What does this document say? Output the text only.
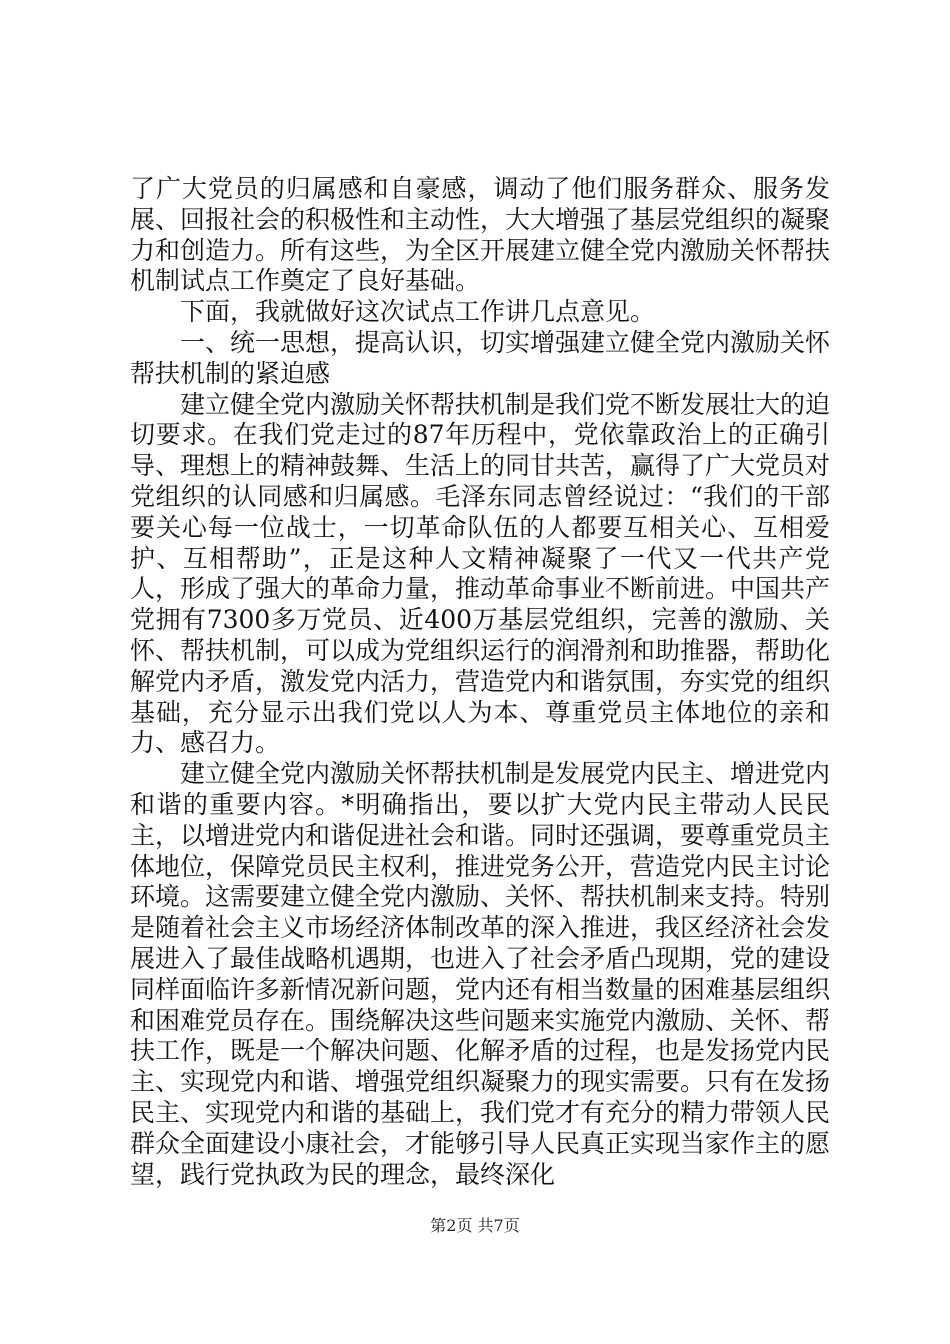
了广大党员的归属感和自豪感，调动了他们服务群众、服务发展、回报社会的积极性和主动性，大大增强了基层党组织的凝聚力和创造力。所有这些，为全区开展建立健全党内激励关怀帮扶机制试点工作奠定了良好基础。

下面，我就做好这次试点工作讲几点意见。

一、统一思想，提高认识，切实增强建立健全党内激励关怀帮扶机制的紧迫感

建立健全党内激励关怀帮扶机制是我们党不断发展壮大的迫切要求。在我们党走过的87年历程中，党依靠政治上的正确引导、理想上的精神鼓舞、生活上的同甘共苦，赢得了广大党员对党组织的认同感和归属感。毛泽东同志曾经说过：“我们的干部要关心每一位战士，一切革命队伍的人都要互相关心、互相爱护、互相帮助”，正是这种人文精神凝聚了一代又一代共产党人，形成了强大的革命力量，推动革命事业不断前进。中国共产党拥有7300多万党员、近400万基层党组织，完善的激励、关怀、帮扶机制，可以成为党组织运行的润滑剂和助推器，帮助化解党内矛盾，激发党内活力，营造党内和谐氛围，夯实党的组织基础，充分显示出我们党以人为本、尊重党员主体地位的亲和力、感召力。

建立健全党内激励关怀帮扶机制是发展党内民主、增进党内和谐的重要内容。*明确指出，要以扩大党内民主带动人民民主，以增进党内和谐促进社会和谐。同时还强调，要尊重党员主体地位，保障党员民主权利，推进党务公开，营造党内民主讨论环境。这需要建立健全党内激励、关怀、帮扶机制来支持。特别是随着社会主义市场经济体制改革的深入推进，我区经济社会发展进入了最佳战略机遇期，也进入了社会矛盾凸现期，党的建设同样面临许多新情况新问题，党内还有相当数量的困难基层组织和困难党员存在。围绕解决这些问题来实施党内激励、关怀、帮扶工作，既是一个解决问题、化解矛盾的过程，也是发扬党内民主、实现党内和谐、增强党组织凝聚力的现实需要。只有在发扬民主、实现党内和谐的基础上，我们党才有充分的精力带领人民群众全面建设小康社会，才能够引导人民真正实现当家作主的愿望，践行党执政为民的理念，最终深化

第2页 共7页
